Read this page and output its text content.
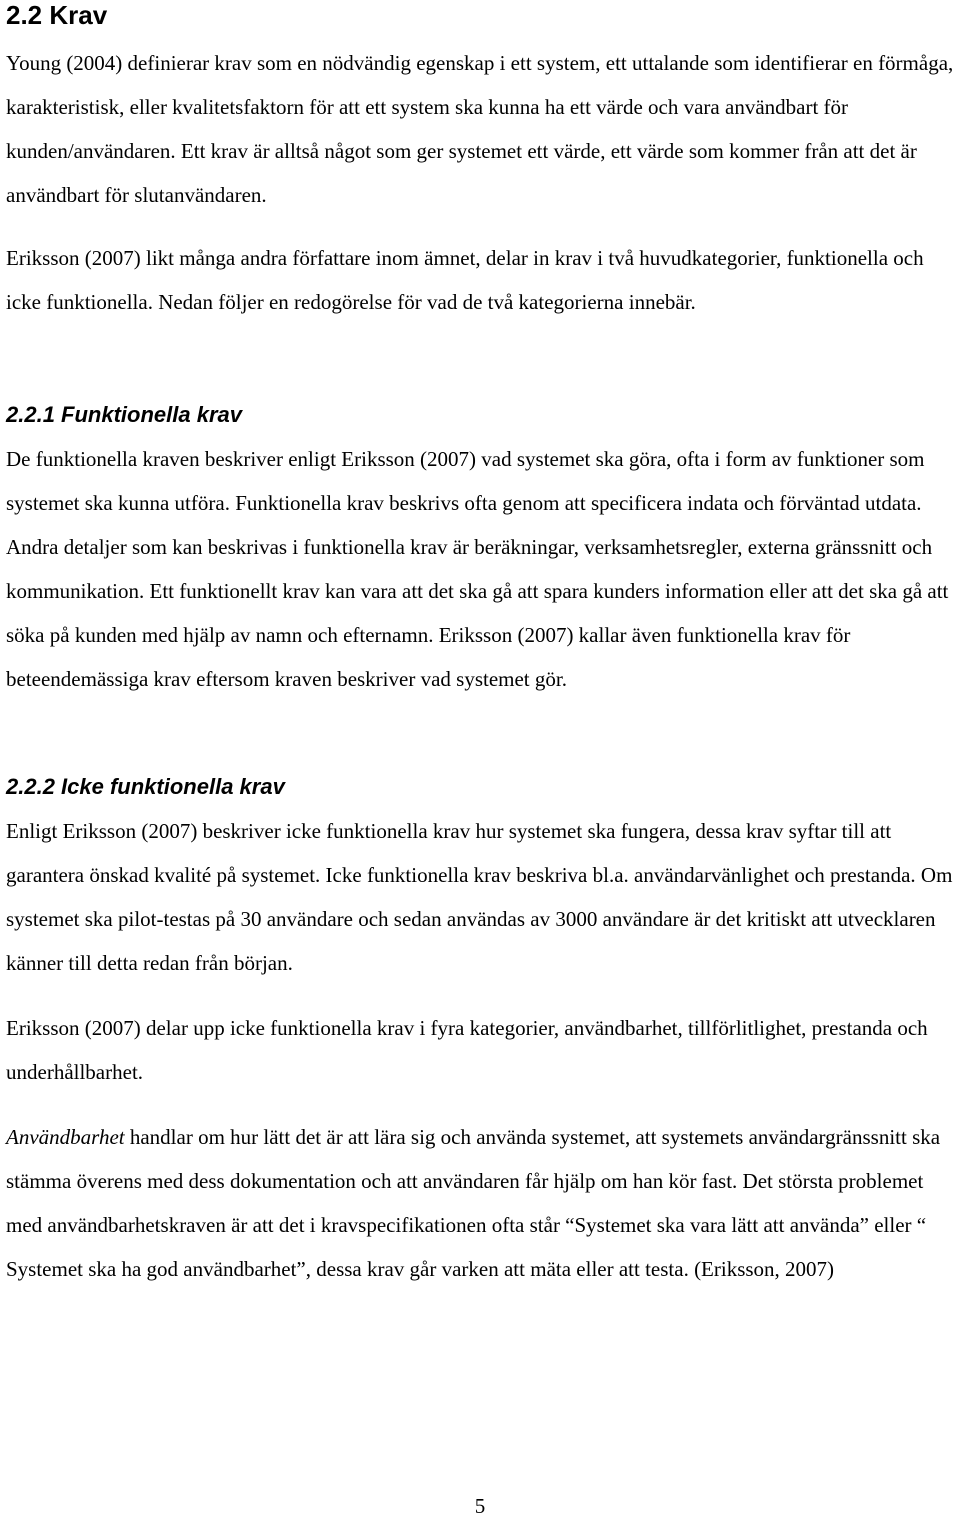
2.2 Krav

Young (2004) definierar krav som en nödvändig egenskap i ett system, ett uttalande som identifierar en förmåga, karakteristisk, eller kvalitetsfaktorn för att ett system ska kunna ha ett värde och vara användbart för kunden/användaren. Ett krav är alltså något som ger systemet ett värde, ett värde som kommer från att det är användbart för slutanvändaren.

Eriksson (2007) likt många andra författare inom ämnet, delar in krav i två huvudkategorier, funktionella och icke funktionella. Nedan följer en redogörelse för vad de två kategorierna innebär.

2.2.1 Funktionella krav

De funktionella kraven beskriver enligt Eriksson (2007) vad systemet ska göra, ofta i form av funktioner som systemet ska kunna utföra. Funktionella krav beskrivs ofta genom att specificera indata och förväntad utdata. Andra detaljer som kan beskrivas i funktionella krav är beräkningar, verksamhetsregler, externa gränssnitt och kommunikation. Ett funktionellt krav kan vara att det ska gå att spara kunders information eller att det ska gå att söka på kunden med hjälp av namn och efternamn. Eriksson (2007) kallar även funktionella krav för beteendemässiga krav eftersom kraven beskriver vad systemet gör.

2.2.2 Icke funktionella krav

Enligt Eriksson (2007) beskriver icke funktionella krav hur systemet ska fungera, dessa krav syftar till att garantera önskad kvalité på systemet. Icke funktionella krav beskriva bl.a. användarvänlighet och prestanda. Om systemet ska pilot-testas på 30 användare och sedan användas av 3000 användare är det kritiskt att utvecklaren känner till detta redan från början.

Eriksson (2007) delar upp icke funktionella krav i fyra kategorier, användbarhet, tillförlitlighet, prestanda och underhållbarhet.

Användbarhet handlar om hur lätt det är att lära sig och använda systemet, att systemets användargränssnitt ska stämma överens med dess dokumentation och att användaren får hjälp om han kör fast. Det största problemet med användbarhetskraven är att det i kravspecifikationen ofta står “Systemet ska vara lätt att använda” eller “ Systemet ska ha god användbarhet”, dessa krav går varken att mäta eller att testa. (Eriksson, 2007)

5
